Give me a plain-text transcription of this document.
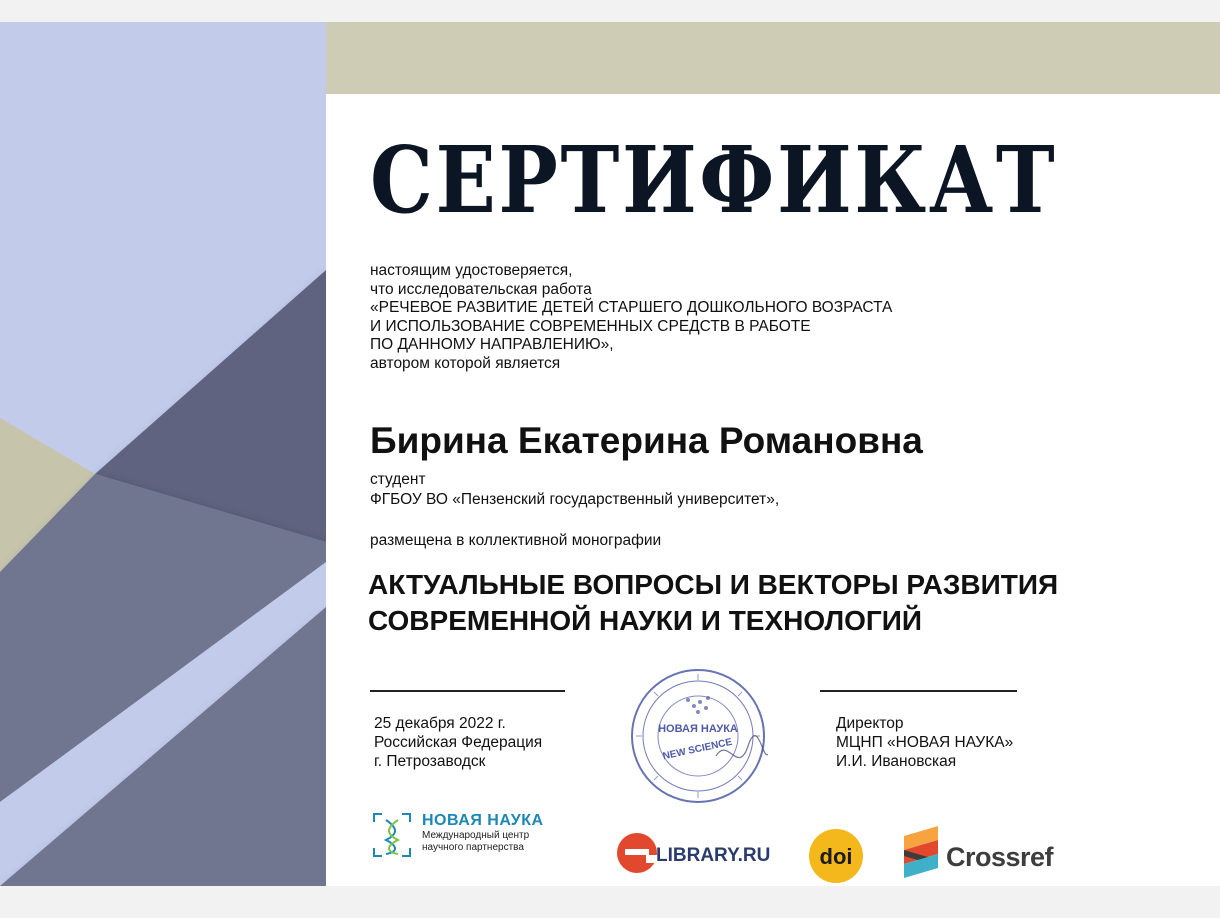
СЕРТИФИКАТ
настоящим удостоверяется,
что исследовательская работа
«РЕЧЕВОЕ РАЗВИТИЕ ДЕТЕЙ СТАРШЕГО ДОШКОЛЬНОГО ВОЗРАСТА
И ИСПОЛЬЗОВАНИЕ СОВРЕМЕННЫХ СРЕДСТВ В РАБОТЕ
ПО ДАННОМУ НАПРАВЛЕНИЮ»,
автором которой является
Бирина Екатерина Романовна
студент
ФГБОУ ВО «Пензенский государственный университет»,
размещена в коллективной монографии
АКТУАЛЬНЫЕ ВОПРОСЫ И ВЕКТОРЫ РАЗВИТИЯ
СОВРЕМЕННОЙ НАУКИ И ТЕХНОЛОГИЙ
25 декабря 2022 г.
Российская Федерация
г. Петрозаводск
Директор
МЦНП «НОВАЯ НАУКА»
И.И. Ивановская
НОВАЯ НАУКА
NEW SCIENCE
НОВАЯ НАУКА
Международный центр
научного партнерства	LIBRARY.RU doi	Crossref
